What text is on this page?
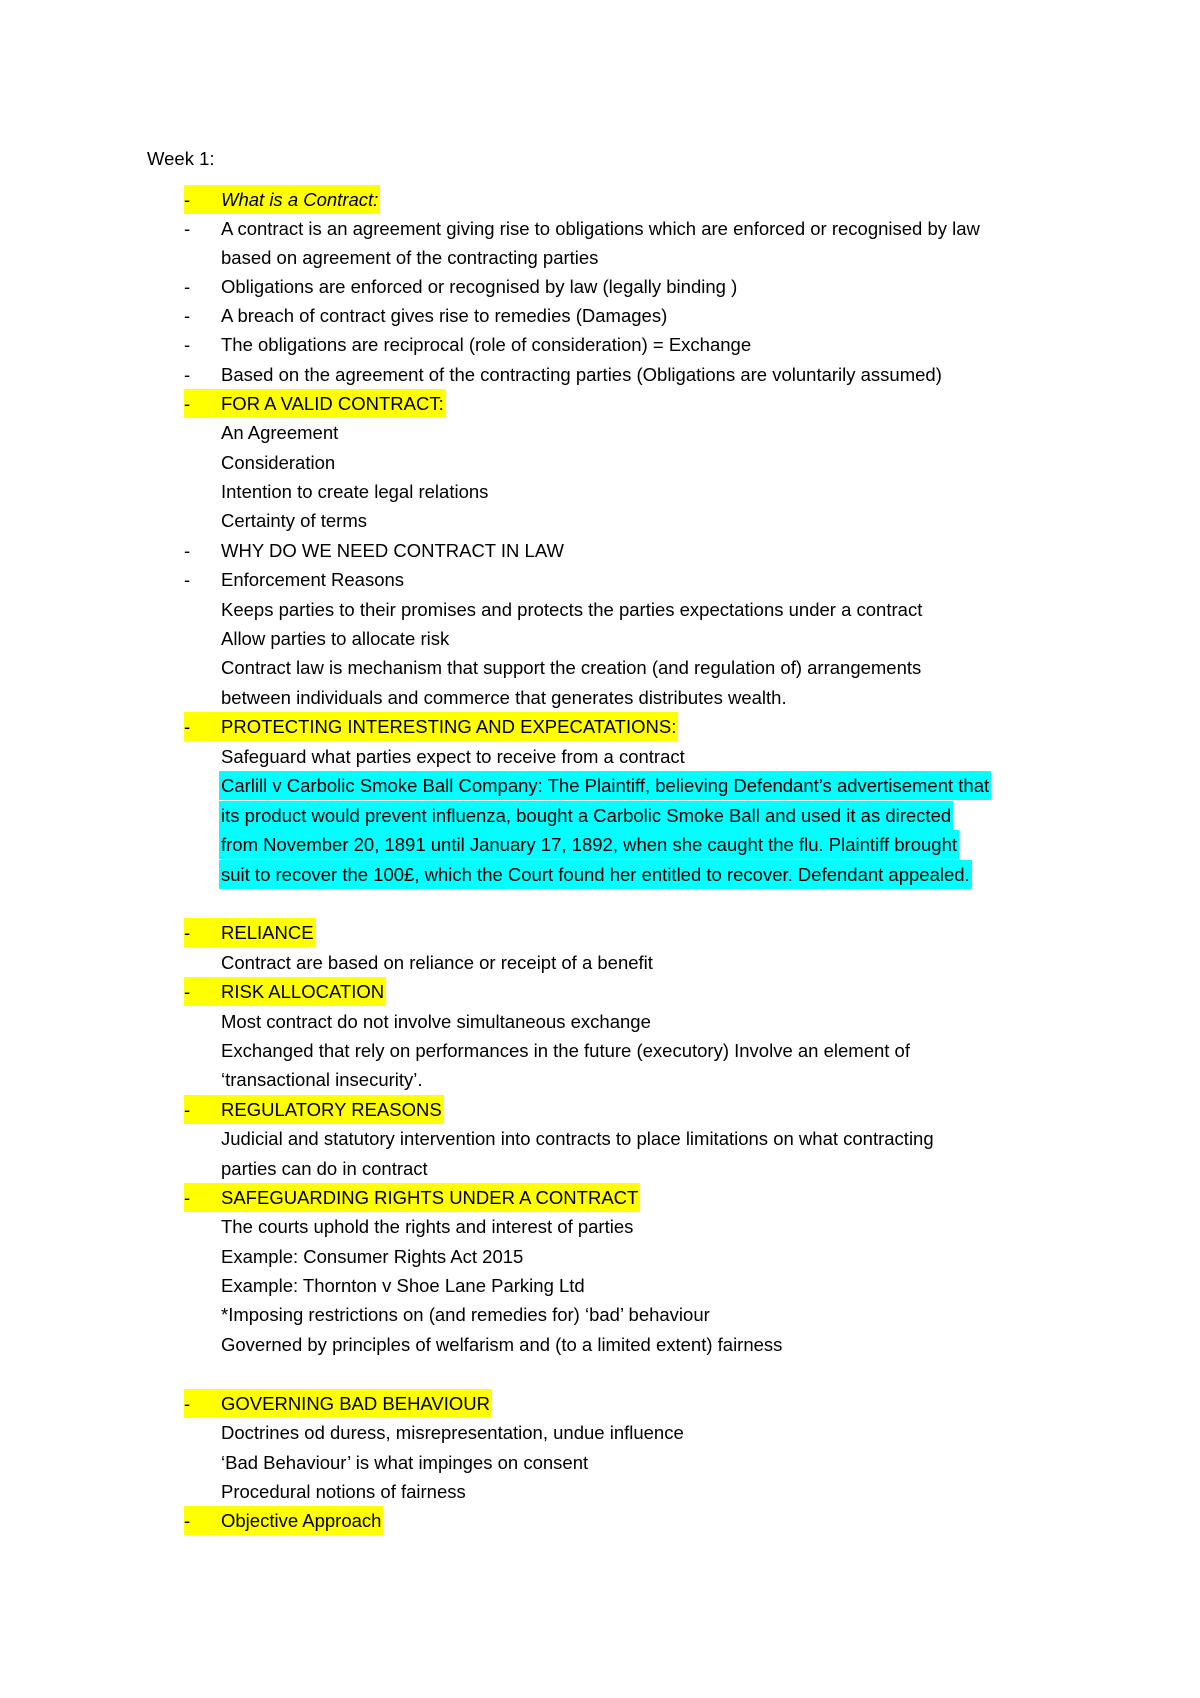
Week 1:
-	What is a Contract:
-	A contract is an agreement giving rise to obligations which are enforced or recognised by law
based on agreement of the contracting parties
-	Obligations are enforced or recognised by law (legally binding )
-	A breach of contract gives rise to remedies (Damages)
-	The obligations are reciprocal (role of consideration) = Exchange
-	Based on the agreement of the contracting parties (Obligations are voluntarily assumed)
-	FOR A VALID CONTRACT:
An Agreement
Consideration
Intention to create legal relations
Certainty of terms
-	WHY DO WE NEED CONTRACT IN LAW
-	Enforcement Reasons
Keeps parties to their promises and protects the parties expectations under a contract
Allow parties to allocate risk
Contract law is mechanism that support the creation (and regulation of) arrangements
between individuals and commerce that generates distributes wealth.
-	PROTECTING INTERESTING AND EXPECATATIONS:
Safeguard what parties expect to receive from a contract
Carlill v Carbolic Smoke Ball Company: The Plaintiff, believing Defendant’s advertisement that
its product would prevent influenza, bought a Carbolic Smoke Ball and used it as directed
from November 20, 1891 until January 17, 1892, when she caught the flu. Plaintiff brought
suit to recover the 100£, which the Court found her entitled to recover. Defendant appealed.
-	RELIANCE
Contract are based on reliance or receipt of a benefit
-	RISK ALLOCATION
Most contract do not involve simultaneous exchange
Exchanged that rely on performances in the future (executory) Involve an element of
‘transactional insecurity’.
-	REGULATORY REASONS
Judicial and statutory intervention into contracts to place limitations on what contracting
parties can do in contract
-	SAFEGUARDING RIGHTS UNDER A CONTRACT
The courts uphold the rights and interest of parties
Example: Consumer Rights Act 2015
Example: Thornton v Shoe Lane Parking Ltd
*Imposing restrictions on (and remedies for) ‘bad’ behaviour
Governed by principles of welfarism and (to a limited extent) fairness
-	GOVERNING BAD BEHAVIOUR
Doctrines od duress, misrepresentation, undue influence
‘Bad Behaviour’ is what impinges on consent
Procedural notions of fairness
-	Objective Approach
